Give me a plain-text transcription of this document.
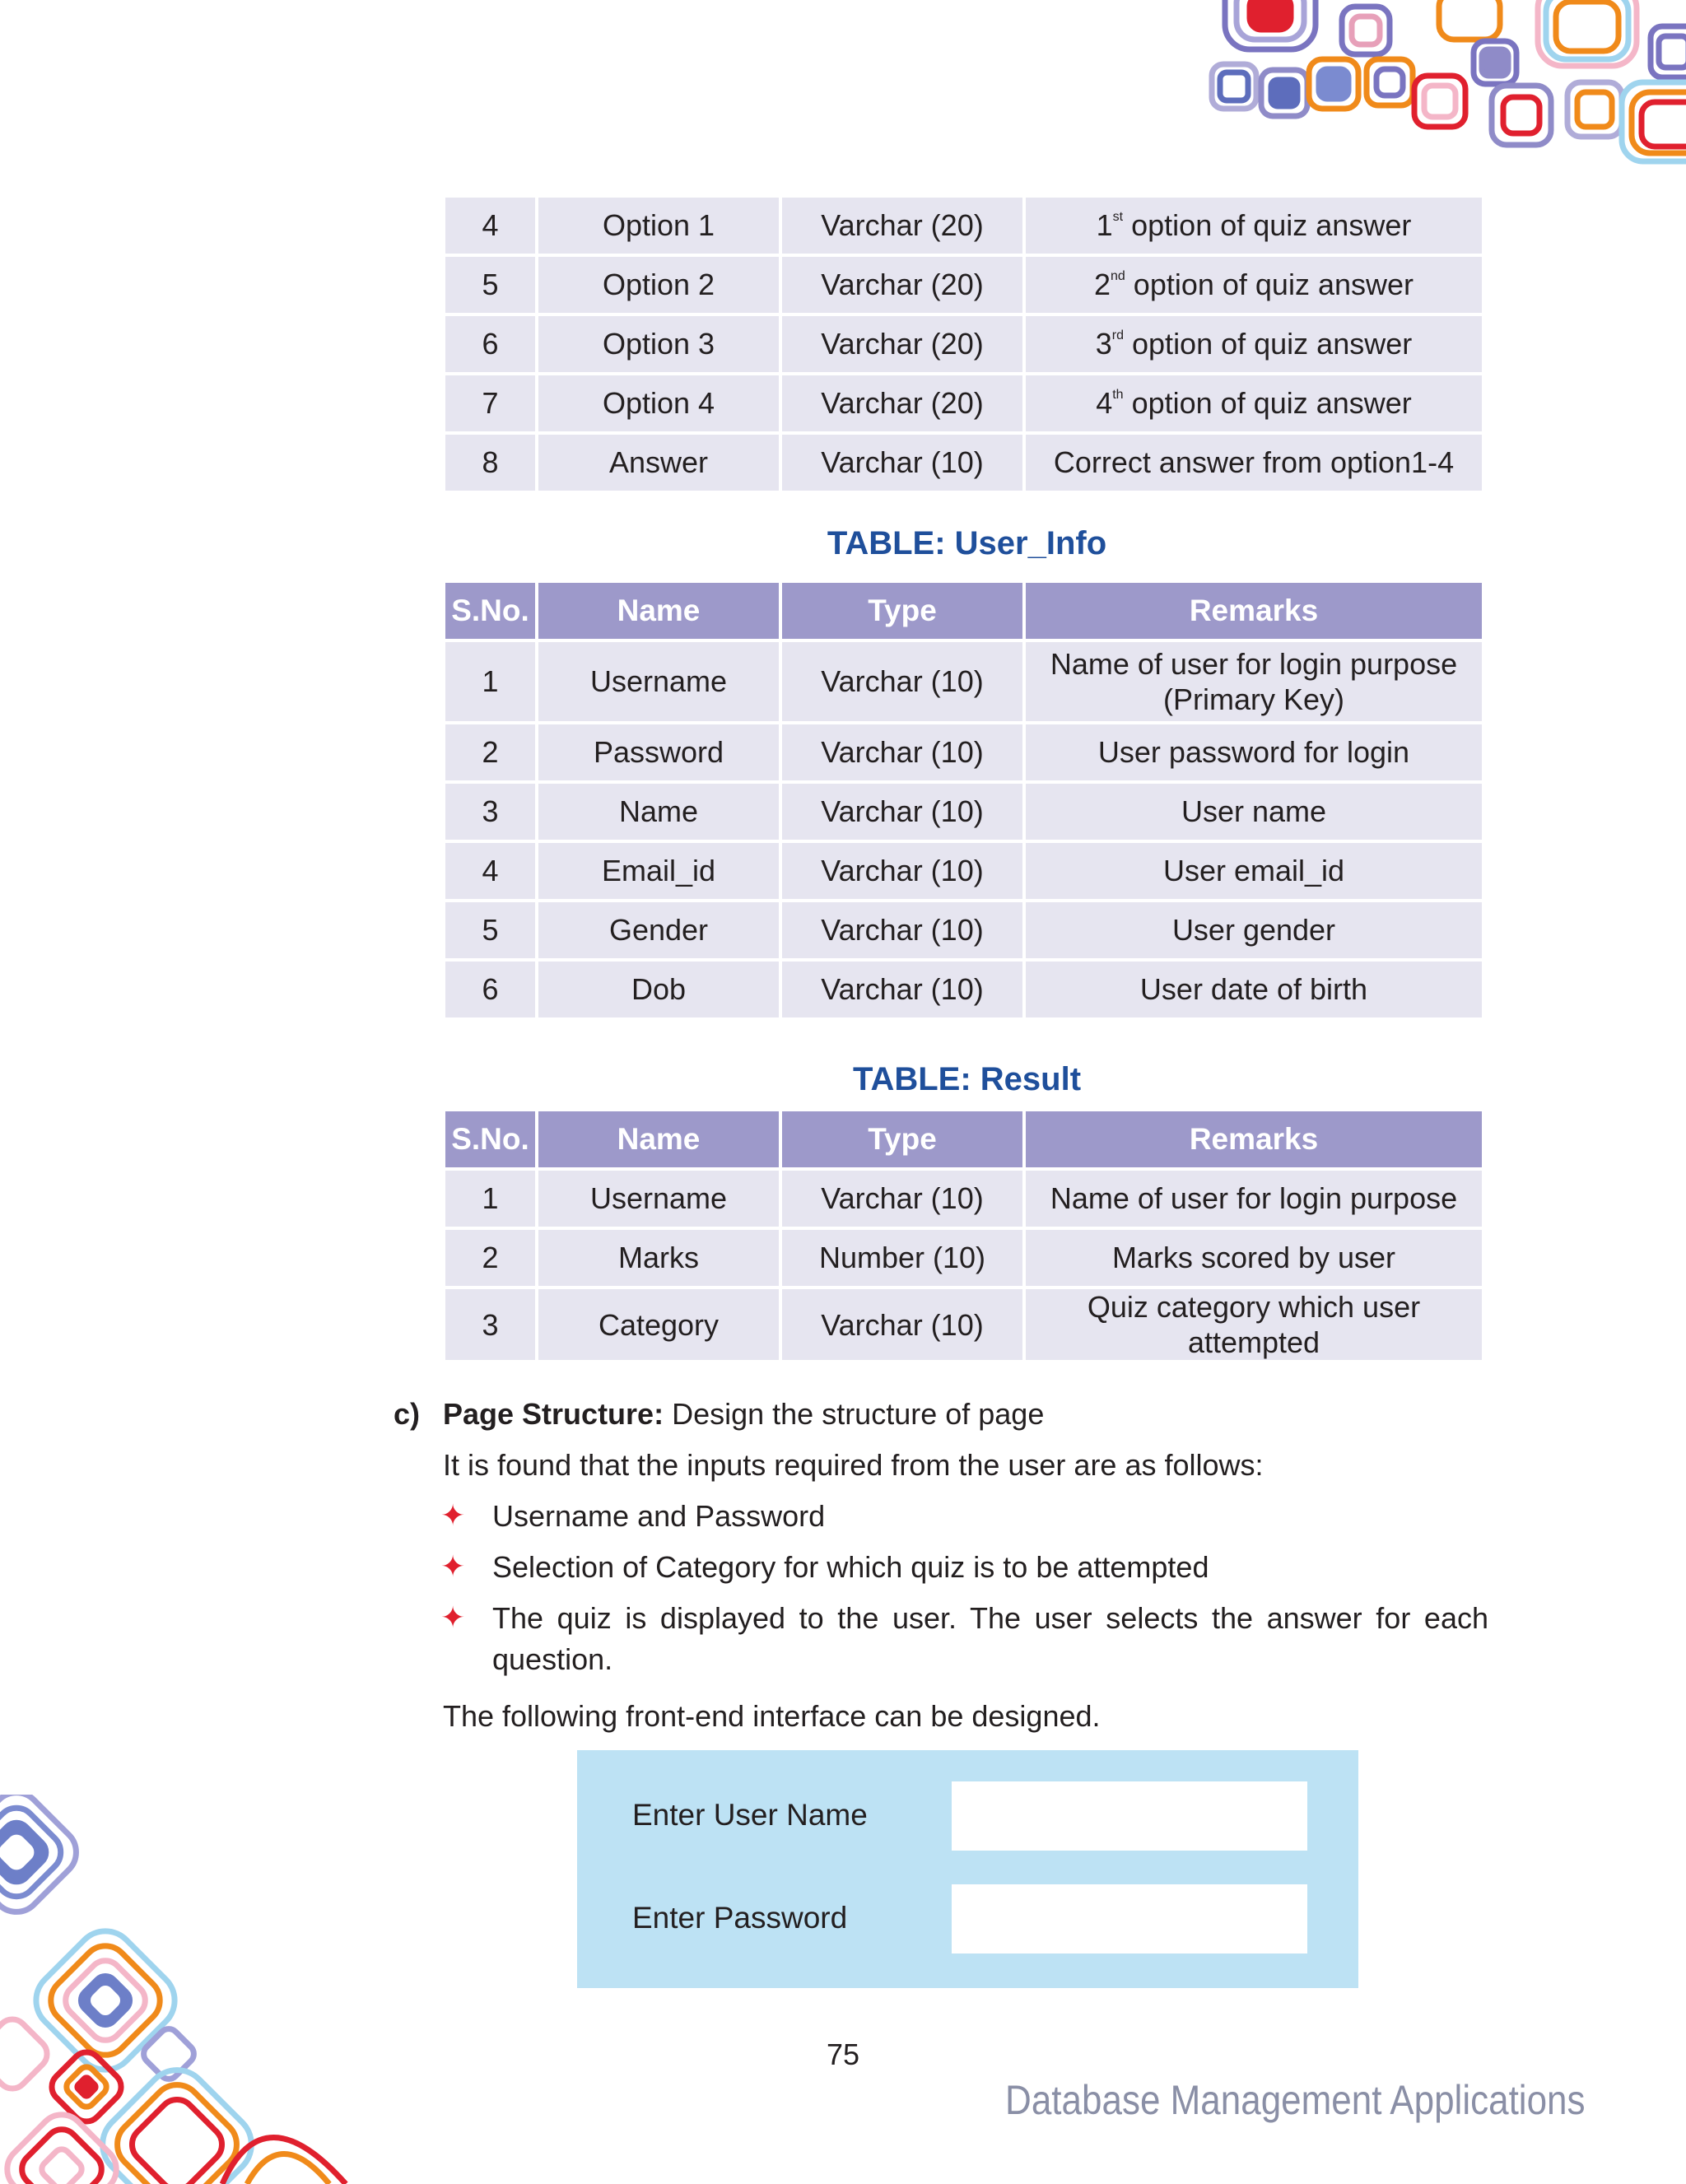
4	Option 1	Varchar (20)	1st option of quiz answer
5	Option 2	Varchar (20)	2nd option of quiz answer
6	Option 3	Varchar (20)	3rd option of quiz answer
7	Option 4	Varchar (20)	4th option of quiz answer
8	Answer	Varchar (10)	Correct answer from option1-4
TABLE: User_Info
S.No.	Name	Type	Remarks
1	Username	Varchar (10)	Name of user for login purpose
(Primary Key)

2	Password	Varchar (10)	User password for login
3	Name	Varchar (10)	User name
4	Email_id	Varchar (10)	User email_id
5	Gender	Varchar (10)	User gender
6	Dob	Varchar (10)	User date of birth
TABLE: Result
S.No.	Name	Type	Remarks
1	Username	Varchar (10)	Name of user for login purpose
2	Marks	Number (10)	Marks scored by user
3	Category	Varchar (10)	Quiz category which user attempted
c) Page Structure: Design the structure of page
It is found that the inputs required from the user are as follows:
✦ Username and Password
✦ Selection of Category for which quiz is to be attempted
✦ The quiz is displayed to the user. The user selects the answer for each
question.
The following front-end interface can be designed.
Enter User Name
Enter Password
75
Database Management Applications
